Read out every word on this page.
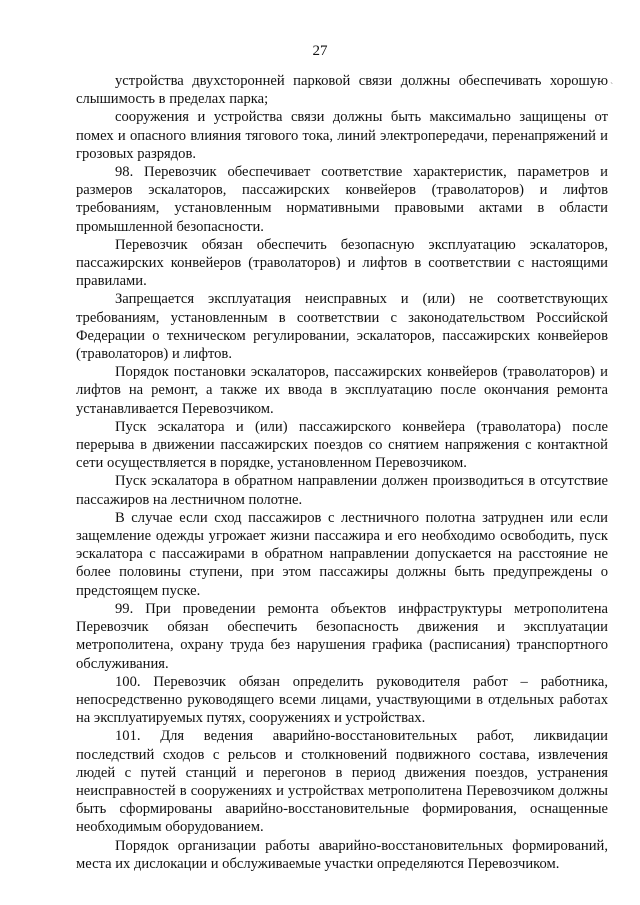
27
`

устройства двухсторонней парковой связи должны обеспечивать хорошую слышимость в пределах парка;

сооружения и устройства связи должны быть максимально защищены от помех и опасного влияния тягового тока, линий электропередачи, перенапряжений и грозовых разрядов.

98. Перевозчик обеспечивает соответствие характеристик, параметров и размеров эскалаторов, пассажирских конвейеров (траволаторов) и лифтов требованиям, установленным нормативными правовыми актами в области промышленной безопасности.

Перевозчик обязан обеспечить безопасную эксплуатацию эскалаторов, пассажирских конвейеров (траволаторов) и лифтов в соответствии с настоящими правилами.

Запрещается эксплуатация неисправных и (или) не соответствующих требованиям, установленным в соответствии с законодательством Российской Федерации о техническом регулировании, эскалаторов, пассажирских конвейеров (траволаторов) и лифтов.

Порядок постановки эскалаторов, пассажирских конвейеров (траволаторов) и лифтов на ремонт, а также их ввода в эксплуатацию после окончания ремонта устанавливается Перевозчиком.

Пуск эскалатора и (или) пассажирского конвейера (траволатора) после перерыва в движении пассажирских поездов со снятием напряжения с контактной сети осуществляется в порядке, установленном Перевозчиком.

Пуск эскалатора в обратном направлении должен производиться в отсутствие пассажиров на лестничном полотне.

В случае если сход пассажиров с лестничного полотна затруднен или если защемление одежды угрожает жизни пассажира и его необходимо освободить, пуск эскалатора с пассажирами в обратном направлении допускается на расстояние не более половины ступени, при этом пассажиры должны быть предупреждены о предстоящем пуске.

99. При проведении ремонта объектов инфраструктуры метрополитена Перевозчик обязан обеспечить безопасность движения и эксплуатации метрополитена, охрану труда без нарушения графика (расписания) транспортного обслуживания.

100. Перевозчик обязан определить руководителя работ – работника, непосредственно руководящего всеми лицами, участвующими в отдельных работах на эксплуатируемых путях, сооружениях и устройствах.

101. Для ведения аварийно-восстановительных работ, ликвидации последствий сходов с рельсов и столкновений подвижного состава, извлечения людей с путей станций и перегонов в период движения поездов, устранения неисправностей в сооружениях и устройствах метрополитена Перевозчиком должны быть сформированы аварийно-восстановительные формирования, оснащенные необходимым оборудованием.

Порядок организации работы аварийно-восстановительных формирований, места их дислокации и обслуживаемые участки определяются Перевозчиком.
